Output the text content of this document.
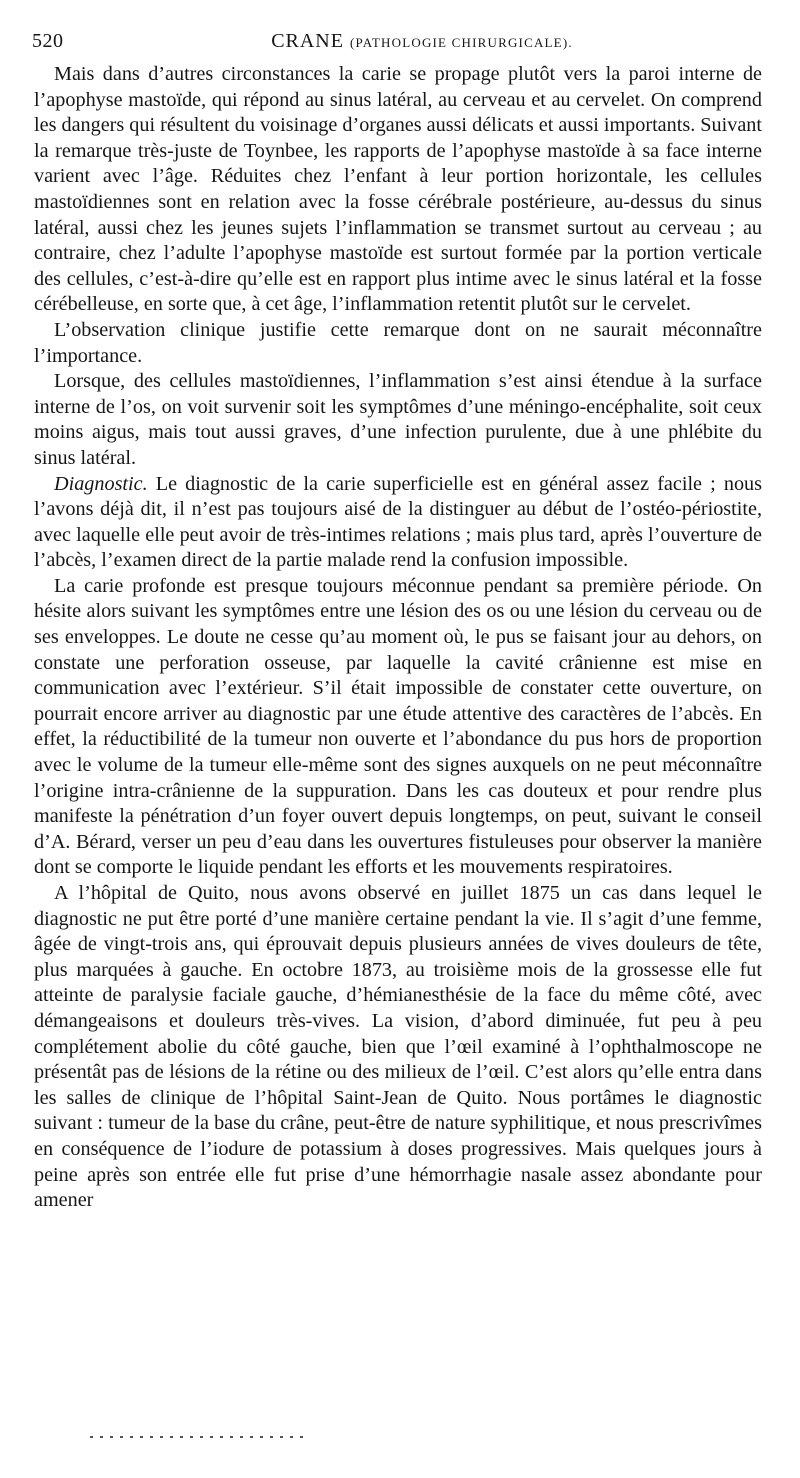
520	CRANE (PATHOLOGIE CHIRURGICALE).

Mais dans d’autres circonstances la carie se propage plutôt vers la paroi interne de l’apophyse mastoïde, qui répond au sinus latéral, au cerveau et au cervelet. On comprend les dangers qui résultent du voisinage d’organes aussi délicats et aussi importants. Suivant la remarque très-juste de Toynbee, les rapports de l’apophyse mastoïde à sa face interne varient avec l’âge. Réduites chez l’enfant à leur portion horizontale, les cellules mastoïdiennes sont en relation avec la fosse cérébrale postérieure, au-dessus du sinus latéral, aussi chez les jeunes sujets l’inflammation se transmet surtout au cerveau ; au contraire, chez l’adulte l’apophyse mastoïde est surtout formée par la portion verticale des cellules, c’est-à-dire qu’elle est en rapport plus intime avec le sinus latéral et la fosse cérébelleuse, en sorte que, à cet âge, l’inflammation retentit plutôt sur le cervelet.

L’observation clinique justifie cette remarque dont on ne saurait méconnaître l’importance.

Lorsque, des cellules mastoïdiennes, l’inflammation s’est ainsi étendue à la surface interne de l’os, on voit survenir soit les symptômes d’une méningo-encéphalite, soit ceux moins aigus, mais tout aussi graves, d’une infection purulente, due à une phlébite du sinus latéral.

Diagnostic. Le diagnostic de la carie superficielle est en général assez facile ; nous l’avons déjà dit, il n’est pas toujours aisé de la distinguer au début de l’ostéo-périostite, avec laquelle elle peut avoir de très-intimes relations ; mais plus tard, après l’ouverture de l’abcès, l’examen direct de la partie malade rend la confusion impossible.

La carie profonde est presque toujours méconnue pendant sa première période. On hésite alors suivant les symptômes entre une lésion des os ou une lésion du cerveau ou de ses enveloppes. Le doute ne cesse qu’au moment où, le pus se faisant jour au dehors, on constate une perforation osseuse, par laquelle la cavité crânienne est mise en communication avec l’extérieur. S’il était impossible de constater cette ouverture, on pourrait encore arriver au diagnostic par une étude attentive des caractères de l’abcès. En effet, la réductibilité de la tumeur non ouverte et l’abondance du pus hors de proportion avec le volume de la tumeur elle-même sont des signes auxquels on ne peut méconnaître l’origine intra-crânienne de la suppuration. Dans les cas douteux et pour rendre plus manifeste la pénétration d’un foyer ouvert depuis longtemps, on peut, suivant le conseil d’A. Bérard, verser un peu d’eau dans les ouvertures fistuleuses pour observer la manière dont se comporte le liquide pendant les efforts et les mouvements respiratoires.

A l’hôpital de Quito, nous avons observé en juillet 1875 un cas dans lequel le diagnostic ne put être porté d’une manière certaine pendant la vie. Il s’agit d’une femme, âgée de vingt-trois ans, qui éprouvait depuis plusieurs années de vives douleurs de tête, plus marquées à gauche. En octobre 1873, au troisième mois de la grossesse elle fut atteinte de paralysie faciale gauche, d’hémianesthésie de la face du même côté, avec démangeaisons et douleurs très-vives. La vision, d’abord diminuée, fut peu à peu complétement abolie du côté gauche, bien que l’œil examiné à l’ophthalmoscope ne présentât pas de lésions de la rétine ou des milieux de l’œil. C’est alors qu’elle entra dans les salles de clinique de l’hôpital Saint-Jean de Quito. Nous portâmes le diagnostic suivant : tumeur de la base du crâne, peut-être de nature syphilitique, et nous prescrivîmes en conséquence de l’iodure de potassium à doses progressives. Mais quelques jours à peine après son entrée elle fut prise d’une hémorrhagie nasale assez abondante pour amener
